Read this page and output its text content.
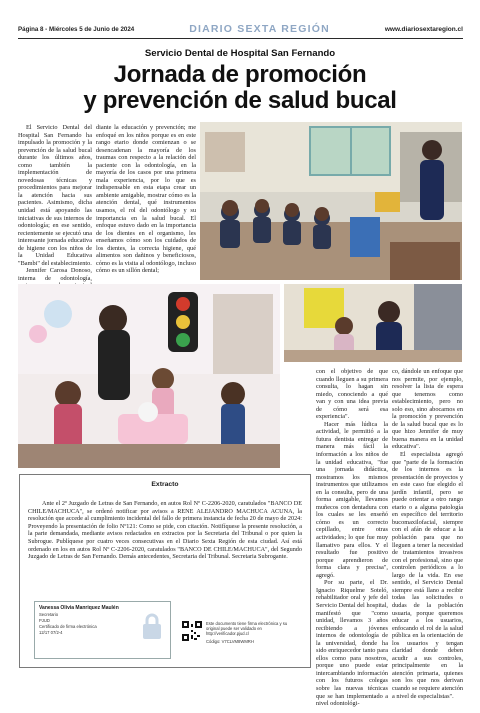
Página 8 - Miércoles 5 de Junio de 2024	DIARIO SEXTA REGIÓN	www.diariosextaregion.cl
Servicio Dental de Hospital San Fernando
Jornada de promoción
y prevención de salud bucal

El Servicio Dental del Hospital San Fernando ha impulsado la promoción y la prevención de la salud bucal durante los últimos años, como también la implementación de novedosas técnicas y procedimientos para mejorar la atención hacia sus pacientes. Asimismo, dicha unidad está apoyando las iniciativas de sus internos de odontología; en ese sentido, recientemente se ejecutó una interesante jornada educativa de higiene con los niños de la Unidad Educativa "Bambi" del establecimiento.

Jennifer Carosa Donoso, interna de odontología,

diante la educación y prevención; me enfoqué en los niños porque es en este rango etario donde comienzan o se desencadenan la mayoría de los traumas con respecto a la relación del paciente con la odontología, en la mayoría de los casos por una primera mala experiencia, por lo que es indispensable en esta etapa crear un ambiente amigable, mostrar cómo es la atención dental, qué instrumentos usamos, el rol del odontólogo y su importancia en la salud bucal. El enfoque estuvo dado en la importancia de los dientes en el organismo, les enseñamos cómo son los cuidados de los dientes, la correcta higiene, qué alimentos son dañinos y beneficiosos, cómo es la visita al odontólogo, incluso cómo es un sillón dental;

con el objetivo de que cuando lleguen a su primera consulta, lo hagan sin miedo, conociendo a qué van y con una idea previa de cómo será esa experiencia".

Hacer más lúdica la actividad, le permitió a la futura dentista entregar de manera más fácil la información a los niños de la unidad educativa, "fue una jornada didáctica, mostramos los mismos instrumentos que utilizamos en la consulta, pero de una forma amigable, llevamos muñecos con dentadura con los cuales se les enseñó cómo es un correcto cepillado, entre otras actividades; lo que fue muy llamativo para ellos. Y el resultado fue positivo porque aprendieron de forma clara y precisa", agregó.

Por su parte, el Dr. Ignacio Riquelme Soteló, rehabilitador oral y jefe del Servicio Dental del hospital, manifestó que "como unidad, llevamos 3 años recibiendo a jóvenes internos de odontología de la universidad, donde ha sido enriquecedor tanto para ellos como para nosotros, porque uno puede estar intercambiando información con los futuros colegas sobre las nuevas técnicas que se han implementado a nivel odontológi-

co, dándole un enfoque que nos permite, por ejemplo, resolver la lista de espera que tenemos como establecimiento, pero no solo eso, sino abocarnos en la promoción y prevención de la salud bucal que es lo que hizo Jennifer de muy buena manera en la unidad educativa".

El especialista agregó que "parte de la formación de los internos es la presentación de proyectos y en este caso fue elegido el jardín infantil, pero se puede orientar a otro rango etario o a alguna patología en específico del territorio bucomaxilofacial, siempre con el afán de educar a la población para que no lleguen a tener la necesidad de tratamientos invasivos con el profesional, sino que controlen periódicos a lo largo de la vida. En ese sentido, el Servicio Dental siempre está llano a recibir todas las solicitudes o dudas de la población usuaria, porque queremos educar a los usuarios, enfocando el rol de la salud pública en la orientación de los usuarios y tengan claridad donde deben acudir a sus controles, principalmente en la atención primaria, quienes son los que nos derivan cuando se requiere atención a nivel de especialistas".

Extracto
Ante el 2º Juzgado de Letras de San Fernando, en autos Rol Nº C-2206-2020, caratulados "BANCO DE CHILE/MACHUCA", se ordenó notificar por avisos a RENE ALEJANDRO MACHUCA ACUNA, la resolución que accede al cumplimiento incidental del fallo de primera instancia de fecha 20 de mayo de 2024: Proveyendo la presentación de folio Nº121: Como se pide, con citación. Notifíquese la presente resolución, a la parte demandada, mediante avisos redactados en extractos por la Secretaria del Tribunal o por quien la Subrogue. Publíquese por cuatro veces consecutivas en el Diario Sexta Región de esta ciudad. Así está ordenado en los en autos Rol Nº C-2206-2020, caratulados "BANCO DE CHILE/MACHUCA", del Segundo Juzgado de Letras de San Fernando. Demás antecedentes, Secretaria del Tribunal. Secretaria Subrogante.
Vanessa Olivia Manriquez Maulén
Secretario
PJUD
Certificado de firma electrónica
12/17 07/2-4
Este documento tiene firma electrónica y su original puede ser validado en http://verificador.pjud.cl
Código: V7CLVM8WMRH
